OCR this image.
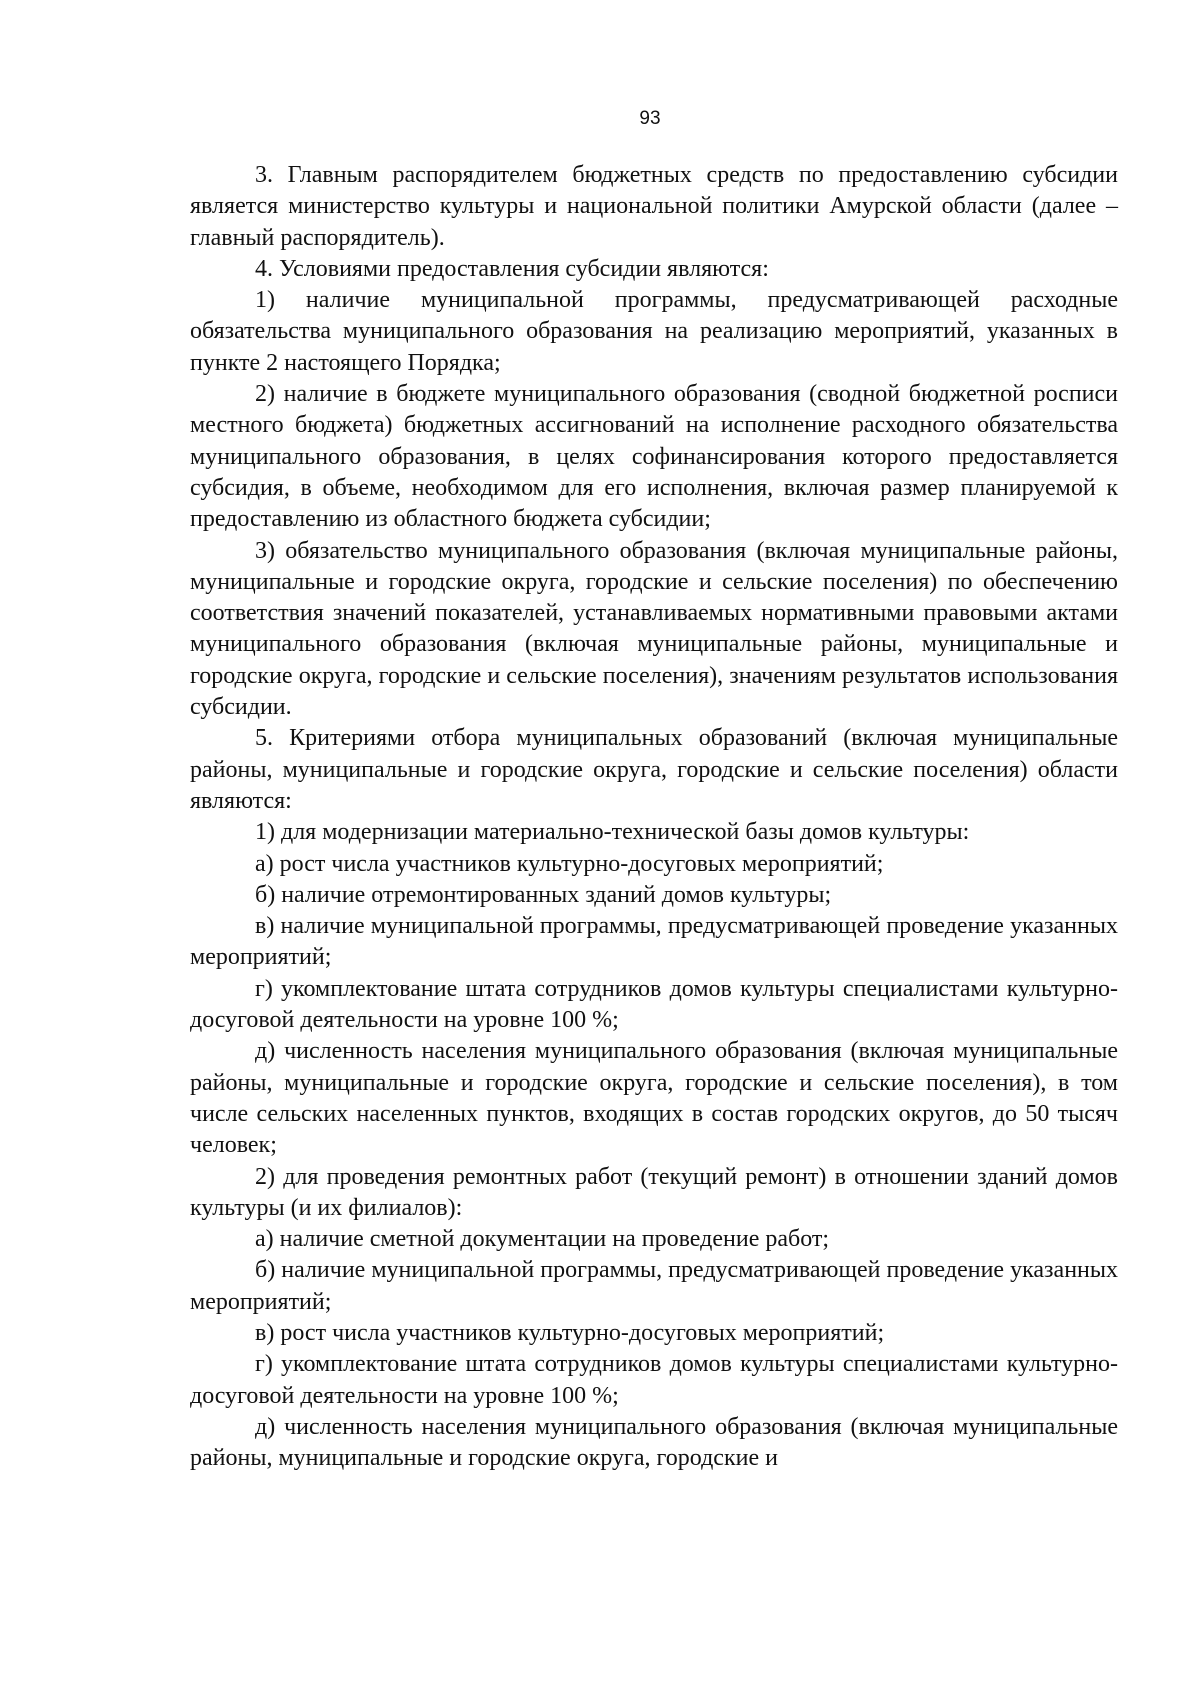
93

3. Главным распорядителем бюджетных средств по предоставлению субсидии является министерство культуры и национальной политики Амурской области (далее – главный распорядитель).

4. Условиями предоставления субсидии являются:

1) наличие муниципальной программы, предусматривающей расходные обязательства муниципального образования на реализацию мероприятий, указанных в пункте 2 настоящего Порядка;

2) наличие в бюджете муниципального образования (сводной бюджетной росписи местного бюджета) бюджетных ассигнований на исполнение расходного обязательства муниципального образования, в целях софинансирования которого предоставляется субсидия, в объеме, необходимом для его исполнения, включая размер планируемой к предоставлению из областного бюджета субсидии;

3) обязательство муниципального образования (включая муниципальные районы, муниципальные и городские округа, городские и сельские поселения) по обеспечению соответствия значений показателей, устанавливаемых нормативными правовыми актами муниципального образования (включая муниципальные районы, муниципальные и городские округа, городские и сельские поселения), значениям результатов использования субсидии.

5. Критериями отбора муниципальных образований (включая муниципальные районы, муниципальные и городские округа, городские и сельские поселения) области являются:

1) для модернизации материально-технической базы домов культуры:

а) рост числа участников культурно-досуговых мероприятий;

б) наличие отремонтированных зданий домов культуры;

в) наличие муниципальной программы, предусматривающей проведение указанных мероприятий;

г) укомплектование штата сотрудников домов культуры специалистами культурно-досуговой деятельности на уровне 100 %;

д) численность населения муниципального образования (включая муниципальные районы, муниципальные и городские округа, городские и сельские поселения), в том числе сельских населенных пунктов, входящих в состав городских округов, до 50 тысяч человек;

2) для проведения ремонтных работ (текущий ремонт) в отношении зданий домов культуры (и их филиалов):

а) наличие сметной документации на проведение работ;

б) наличие муниципальной программы, предусматривающей проведение указанных мероприятий;

в) рост числа участников культурно-досуговых мероприятий;

г) укомплектование штата сотрудников домов культуры специалистами культурно-досуговой деятельности на уровне 100 %;

д) численность населения муниципального образования (включая муниципальные районы, муниципальные и городские округа, городские и
